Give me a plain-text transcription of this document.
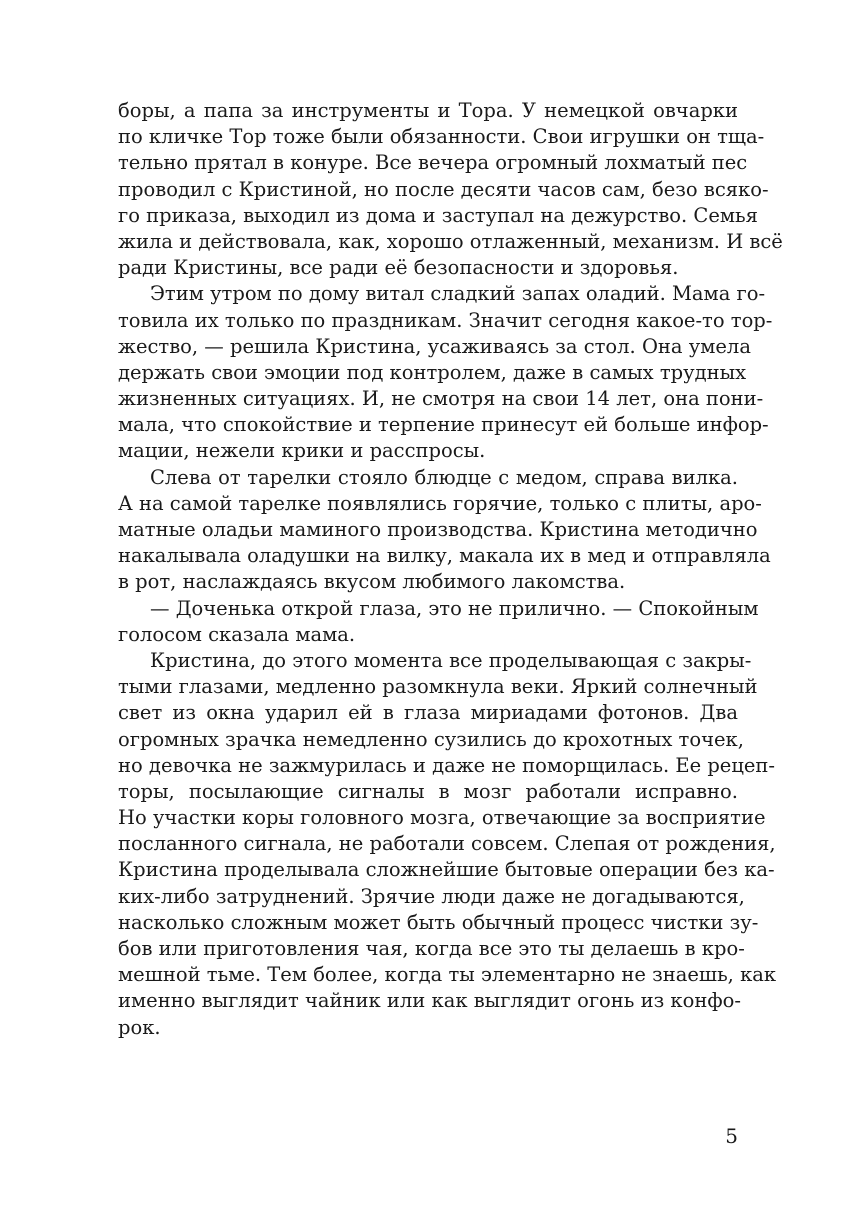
боры, а папа за инструменты и Тора. У немецкой овчарки
по кличке Тор тоже были обязанности. Свои игрушки он тща-
тельно прятал в конуре. Все вечера огромный лохматый пес
проводил с Кристиной, но после десяти часов сам, безо всяко-
го приказа, выходил из дома и заступал на дежурство. Семья
жила и действовала, как, хорошо отлаженный, механизм. И всё
ради Кристины, все ради её безопасности и здоровья.
Этим утром по дому витал сладкий запах оладий. Мама го-
товила их только по праздникам. Значит сегодня какое-то тор-
жество, — решила Кристина, усаживаясь за стол. Она умела
держать свои эмоции под контролем, даже в самых трудных
жизненных ситуациях. И, не смотря на свои 14 лет, она пони-
мала, что спокойствие и терпение принесут ей больше инфор-
мации, нежели крики и расспросы.
Слева от тарелки стояло блюдце с медом, справа вилка.
А на самой тарелке появлялись горячие, только с плиты, аро-
матные оладьи маминого производства. Кристина методично
накалывала оладушки на вилку, макала их в мед и отправляла
в рот, наслаждаясь вкусом любимого лакомства.
— Доченька открой глаза, это не прилично. — Спокойным
голосом сказала мама.
Кристина, до этого момента все проделывающая с закры-
тыми глазами, медленно разомкнула веки. Яркий солнечный
свет из окна ударил ей в глаза мириадами фотонов. Два
огромных зрачка немедленно сузились до крохотных точек,
но девочка не зажмурилась и даже не поморщилась. Ее рецеп-
торы, посылающие сигналы в мозг работали исправно.
Но участки коры головного мозга, отвечающие за восприятие
посланного сигнала, не работали совсем. Слепая от рождения,
Кристина проделывала сложнейшие бытовые операции без ка-
ких-либо затруднений. Зрячие люди даже не догадываются,
насколько сложным может быть обычный процесс чистки зу-
бов или приготовления чая, когда все это ты делаешь в кро-
мешной тьме. Тем более, когда ты элементарно не знаешь, как
именно выглядит чайник или как выглядит огонь из конфо-
рок.
5
